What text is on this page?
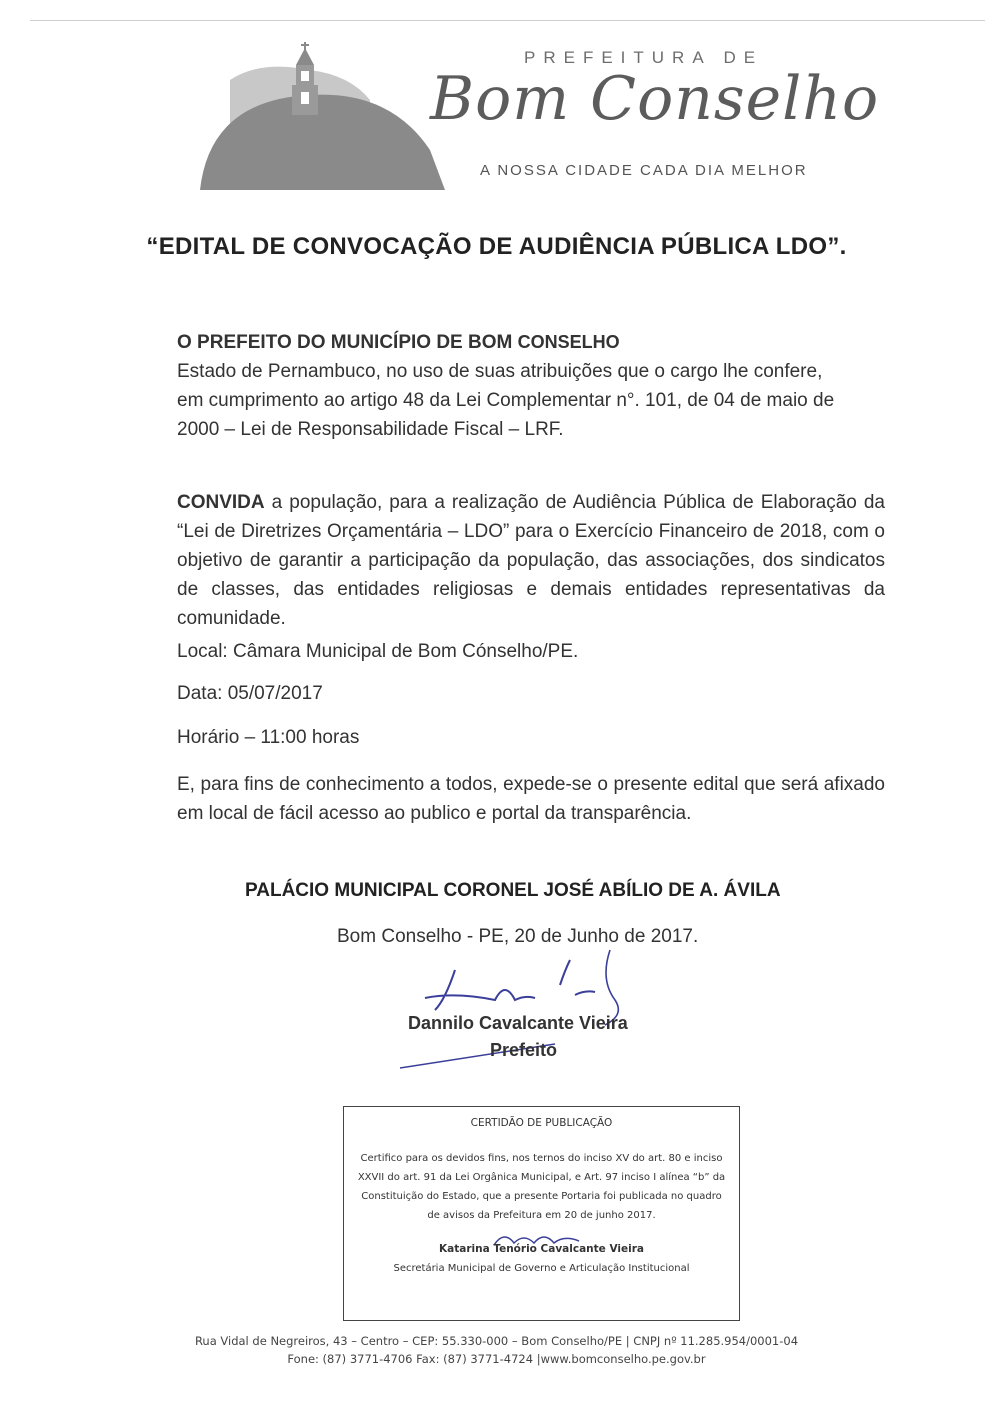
PREFEITURA DE
Bom Conselho
A NOSSA CIDADE CADA DIA MELHOR
“EDITAL DE CONVOCAÇÃO DE AUDIÊNCIA PÚBLICA LDO”.
O PREFEITO DO MUNICÍPIO DE BOM CONSELHO
Estado de Pernambuco, no uso de suas atribuições que o cargo lhe confere,
em cumprimento ao artigo 48 da Lei Complementar n°. 101, de 04 de maio de
2000 – Lei de Responsabilidade Fiscal – LRF.
CONVIDA a população, para a realização de Audiência Pública de Elaboração da “Lei de Diretrizes Orçamentária – LDO” para o Exercício Financeiro de 2018, com o objetivo de garantir a participação da população, das associações, dos sindicatos de classes, das entidades religiosas e demais entidades representativas da comunidade.
Local: Câmara Municipal de Bom Cónselho/PE.
Data: 05/07/2017
Horário – 11:00 horas
E, para fins de conhecimento a todos, expede-se o presente edital que será afixado em local de fácil acesso ao publico e portal da transparência.
PALÁCIO MUNICIPAL CORONEL JOSÉ ABÍLIO DE A. ÁVILA
Bom Conselho - PE, 20 de Junho de 2017.
Dannilo Cavalcante Vieira
Prefeito
CERTIDÃO DE PUBLICAÇÃO
Certifico para os devidos fins, nos ternos do inciso XV do art. 80 e inciso XXVII do art. 91 da Lei Orgânica Municipal, e Art. 97 inciso I alínea “b” da Constituição do Estado, que a presente Portaria foi publicada no quadro de avisos da Prefeitura em 20 de junho 2017.
Katarina Tenório Cavalcante Vieira
Secretária Municipal de Governo e Articulação Institucional
Rua Vidal de Negreiros, 43 – Centro – CEP: 55.330-000 – Bom Conselho/PE | CNPJ nº 11.285.954/0001-04
Fone: (87) 3771-4706 Fax: (87) 3771-4724 |www.bomconselho.pe.gov.br
